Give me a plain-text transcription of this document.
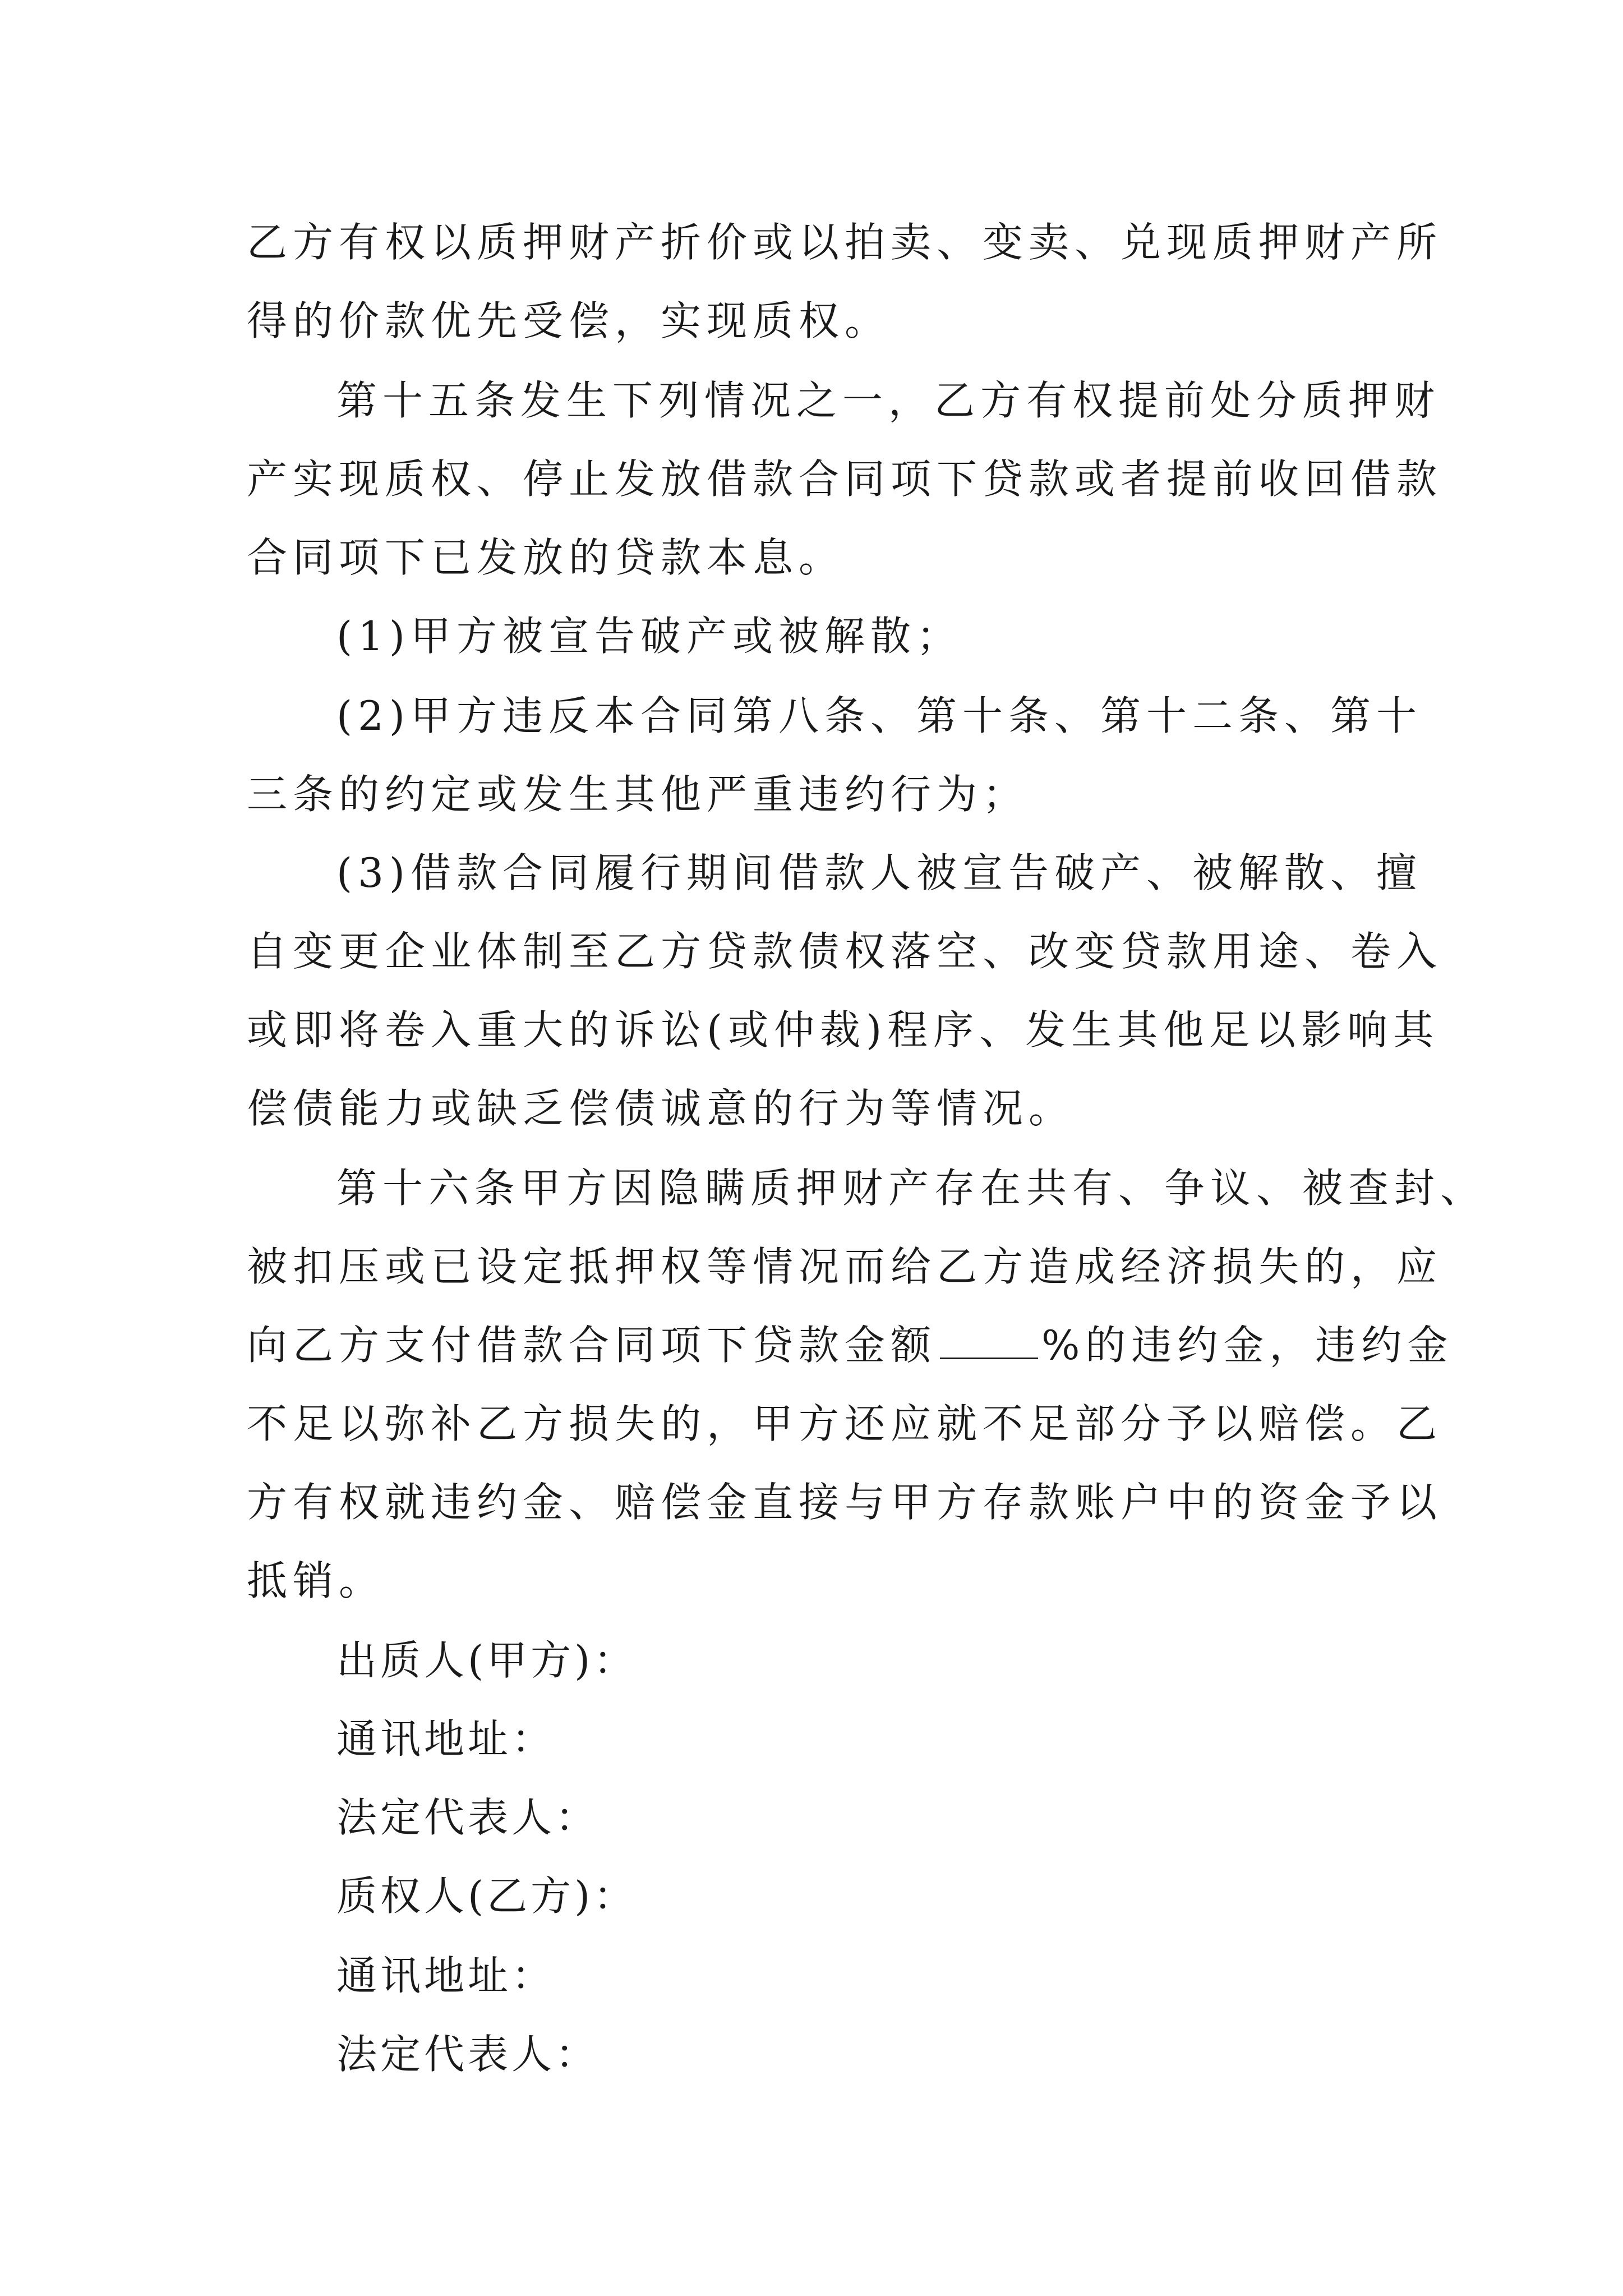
乙方有权以质押财产折价或以拍卖、变卖、兑现质押财产所

得的价款优先受偿，实现质权。

第十五条发生下列情况之一，乙方有权提前处分质押财

产实现质权、停止发放借款合同项下贷款或者提前收回借款

合同项下已发放的贷款本息。

(1)甲方被宣告破产或被解散；

(2)甲方违反本合同第八条、第十条、第十二条、第十

三条的约定或发生其他严重违约行为；

(3)借款合同履行期间借款人被宣告破产、被解散、擅

自变更企业体制至乙方贷款债权落空、改变贷款用途、卷入

或即将卷入重大的诉讼(或仲裁)程序、发生其他足以影响其

偿债能力或缺乏偿债诚意的行为等情况。

第十六条甲方因隐瞒质押财产存在共有、争议、被查封、

被扣压或已设定抵押权等情况而给乙方造成经济损失的，应

向乙方支付借款合同项下贷款金额	%的违约金，违约金

不足以弥补乙方损失的，甲方还应就不足部分予以赔偿。乙

方有权就违约金、赔偿金直接与甲方存款账户中的资金予以

抵销。

出质人(甲方)：

通讯地址：

法定代表人：

质权人(乙方)：

通讯地址：

法定代表人：
